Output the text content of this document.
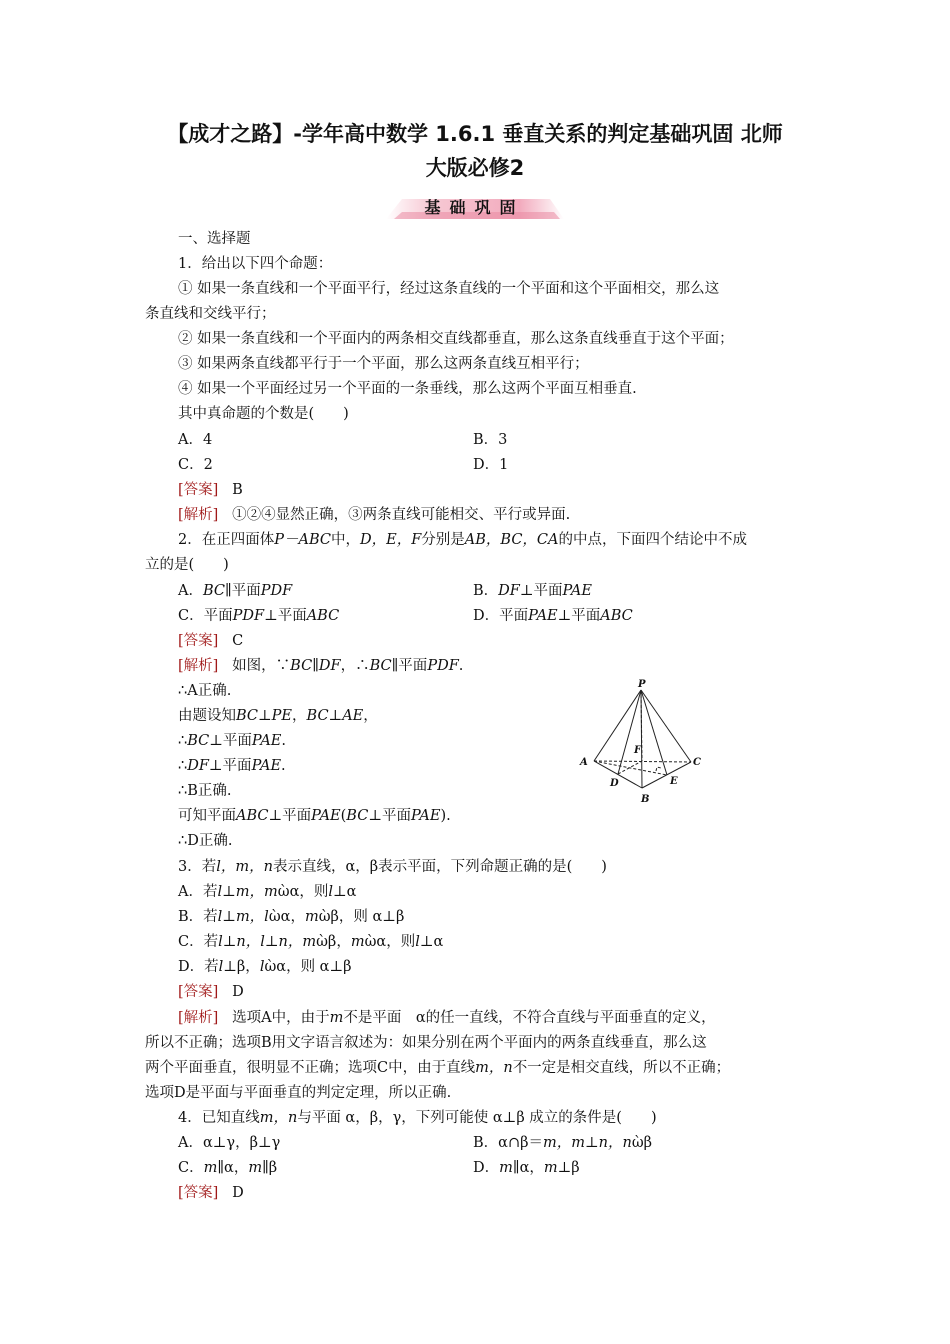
【成才之路】-学年高中数学 1.6.1 垂直关系的判定基础巩固 北师
大版必修2
基础巩固
一、选择题
1．给出以下四个命题：
① 如果一条直线和一个平面平行，经过这条直线的一个平面和这个平面相交，那么这
条直线和交线平行；
② 如果一条直线和一个平面内的两条相交直线都垂直，那么这条直线垂直于这个平面；
③ 如果两条直线都平行于一个平面，那么这两条直线互相平行；
④ 如果一个平面经过另一个平面的一条垂线，那么这两个平面互相垂直.
其中真命题的个数是(　　)
A．4	B．3
C．2	D．1
[答案] B
[解析] ①②④显然正确，③两条直线可能相交、平行或异面.
2．在正四面体P－ABC中，D，E，F分别是AB，BC，CA的中点，下面四个结论中不成
立的是(　　)
A．BC∥平面PDF	B．DF⊥平面PAE
C．平面PDF⊥平面ABC	D．平面PAE⊥平面ABC
[答案] C
[解析] 如图，∵BC∥DF，∴BC∥平面PDF.
∴A正确.
由题设知BC⊥PE，BC⊥AE，
∴BC⊥平面PAE.
∴DF⊥平面PAE.
∴B正确.
可知平面ABC⊥平面PAE(BC⊥平面PAE).
∴D正确.
P
A	C
B
D	E
F
3．若l，m，n表示直线，α，β表示平面，下列命题正确的是(　　)
A．若l⊥m，mὼα，则l⊥α
B．若l⊥m，lὼα，mὼβ，则 α⊥β
C．若l⊥n，l⊥n，mὼβ，mὼα，则l⊥α
D．若l⊥β，lὼα，则 α⊥β
[答案] D
[解析] 选项A中，由于m不是平面　α的任一直线，不符合直线与平面垂直的定义，
所以不正确；选项B用文字语言叙述为：如果分别在两个平面内的两条直线垂直，那么这
两个平面垂直，很明显不正确；选项C中，由于直线m，n不一定是相交直线，所以不正确；
选项D是平面与平面垂直的判定定理，所以正确.
4．已知直线m，n与平面 α，β，γ，下列可能使 α⊥β 成立的条件是(　　)
A．α⊥γ，β⊥γ	B．α∩β＝m，m⊥n，nὼβ
C．m∥α，m∥β	D．m∥α，m⊥β
[答案] D
